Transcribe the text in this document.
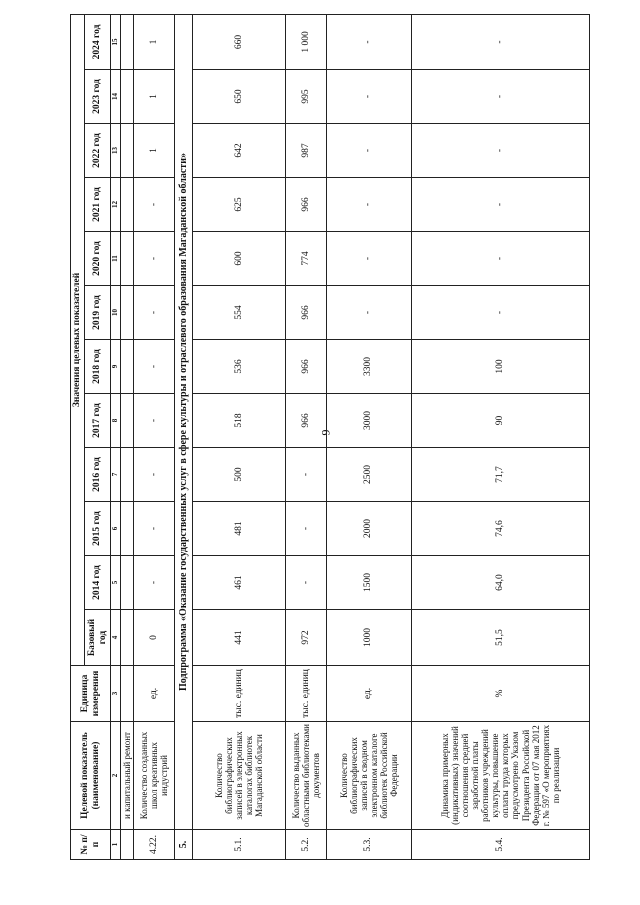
9
№ п/п	Целевой показатель (наименование)	Единица измерения	Значения целевых показателей											
			Базовый год	2014 год	2015 год	2016 год	2017 год	2018 год	2019 год	2020 год	2021 год	2022 год	2023 год	2024 год
1	2	3	4	5	6	7	8	9	10	11	12	13	14	15
	и капитальный ремонт													
4.22.	Количество созданных школ креативных индустрий	ед.	0	-	-	-	-	-	-	-	-	1	1	1
5.	Подпрограмма «Оказание государственных услуг в сфере культуры и отраслевого образования Магаданской области»													
5.1.	Количество библиографических записей в электронных каталогах библиотек Магаданской области	тыс. единиц	441	461	481	500	518	536	554	600	625	642	650	660
5.2.	Количество выданных областными библиотеками документов	тыс. единиц	972	-	-	-	966	966	966	774	966	987	995	1 000
5.3.	Количество библиографических записей в сводном электронном каталоге библиотек Российской Федерации	ед.	1000	1500	2000	2500	3000	3300	-	-	-	-	-	-
5.4.	Динамика примерных (индикативных) значений соотношения средней заработной платы работников учреждений культуры, повышение оплаты труда которых предусмотрено Указом Президента Российской Федерации от 07 мая 2012 г. № 597 «О мероприятиях по реализации	%	51,5	64,0	74,6	71,7	90	100	-	-	-	-	-	-
